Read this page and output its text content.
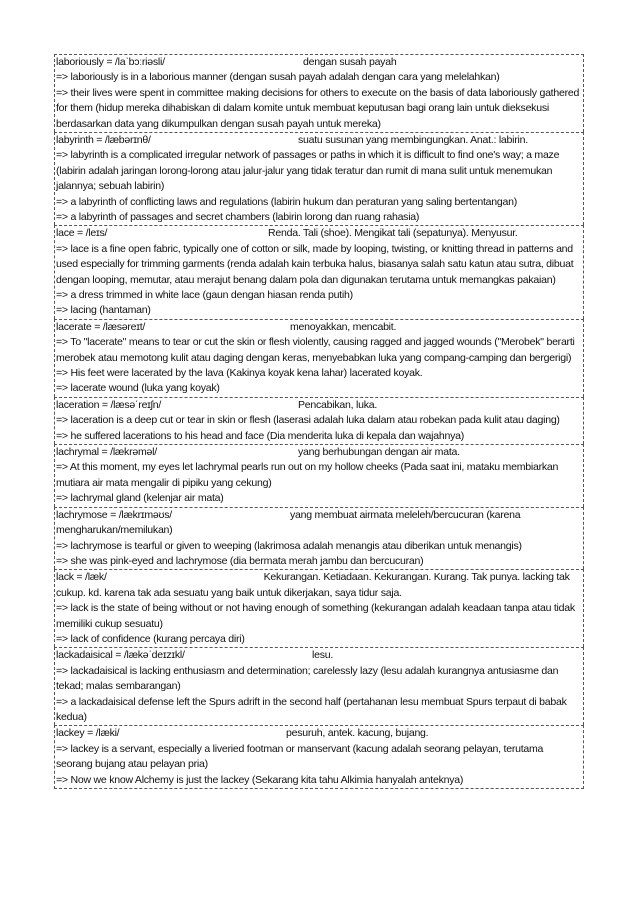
laboriously = /laˈbɔːriəsli/	dengan susah payah
=> laboriously is in a laborious manner (dengan susah payah adalah dengan cara yang melelahkan)
=> their lives were spent in committee making decisions for others to execute on the basis of data laboriously gathered for them (hidup mereka dihabiskan di dalam komite untuk membuat keputusan bagi orang lain untuk dieksekusi berdasarkan data yang dikumpulkan dengan susah payah untuk mereka)
labyrinth = /læbərɪnθ/	suatu susunan yang membingungkan. Anat.: labirin.
=> labyrinth is a complicated irregular network of passages or paths in which it is difficult to find one's way; a maze (labirin adalah jaringan lorong-lorong atau jalur-jalur yang tidak teratur dan rumit di mana sulit untuk menemukan jalannya; sebuah labirin)
=> a labyrinth of conflicting laws and regulations (labirin hukum dan peraturan yang saling bertentangan)
=> a labyrinth of passages and secret chambers (labirin lorong dan ruang rahasia)
lace = /leɪs/	Renda. Tali (shoe). Mengikat tali (sepatunya). Menyusur.
=> lace is a fine open fabric, typically one of cotton or silk, made by looping, twisting, or knitting thread in patterns and used especially for trimming garments (renda adalah kain terbuka halus, biasanya salah satu katun atau sutra, dibuat dengan looping, memutar, atau merajut benang dalam pola dan digunakan terutama untuk memangkas pakaian)
=> a dress trimmed in white lace (gaun dengan hiasan renda putih)
=> lacing (hantaman)
lacerate = /læsəreɪt/	menoyakkan, mencabit.
=> To "lacerate" means to tear or cut the skin or flesh violently, causing ragged and jagged wounds ("Merobek" berarti merobek atau memotong kulit atau daging dengan keras, menyebabkan luka yang compang-camping dan bergerigi)
=> His feet were lacerated by the lava (Kakinya koyak kena lahar) lacerated koyak.
=> lacerate wound (luka yang koyak)
laceration = /læsəˈreɪʃn/	Pencabikan, luka.
=> laceration is a deep cut or tear in skin or flesh (laserasi adalah luka dalam atau robekan pada kulit atau daging)
=> he suffered lacerations to his head and face (Dia menderita luka di kepala dan wajahnya)
lachrymal = /lækrəməl/	yang berhubungan dengan air mata.
=> At this moment, my eyes let lachrymal pearls run out on my hollow cheeks (Pada saat ini, mataku membiarkan mutiara air mata mengalir di pipiku yang cekung)
=> lachrymal gland (kelenjar air mata)
lachrymose = /lækrɪməʊs/	yang membuat airmata meleleh/bercucuran (karena mengharukan/memilukan)
=> lachrymose is tearful or given to weeping (lakrimosa adalah menangis atau diberikan untuk menangis)
=> she was pink-eyed and lachrymose (dia bermata merah jambu dan bercucuran)
lack = /læk/	Kekurangan. Ketiadaan. Kekurangan. Kurang. Tak punya. lacking tak cukup. kd. karena tak ada sesuatu yang baik untuk dikerjakan, saya tidur saja.
=> lack is the state of being without or not having enough of something (kekurangan adalah keadaan tanpa atau tidak memiliki cukup sesuatu)
=> lack of confidence (kurang percaya diri)
lackadaisical = /lækəˈdeɪzɪkl/	lesu.
=> lackadaisical is lacking enthusiasm and determination; carelessly lazy (lesu adalah kurangnya antusiasme dan tekad; malas sembarangan)
=> a lackadaisical defense left the Spurs adrift in the second half (pertahanan lesu membuat Spurs terpaut di babak kedua)
lackey = /læki/	pesuruh, antek. kacung, bujang.
=> lackey is a servant, especially a liveried footman or manservant (kacung adalah seorang pelayan, terutama seorang bujang atau pelayan pria)
=> Now we know Alchemy is just the lackey (Sekarang kita tahu Alkimia hanyalah anteknya)
